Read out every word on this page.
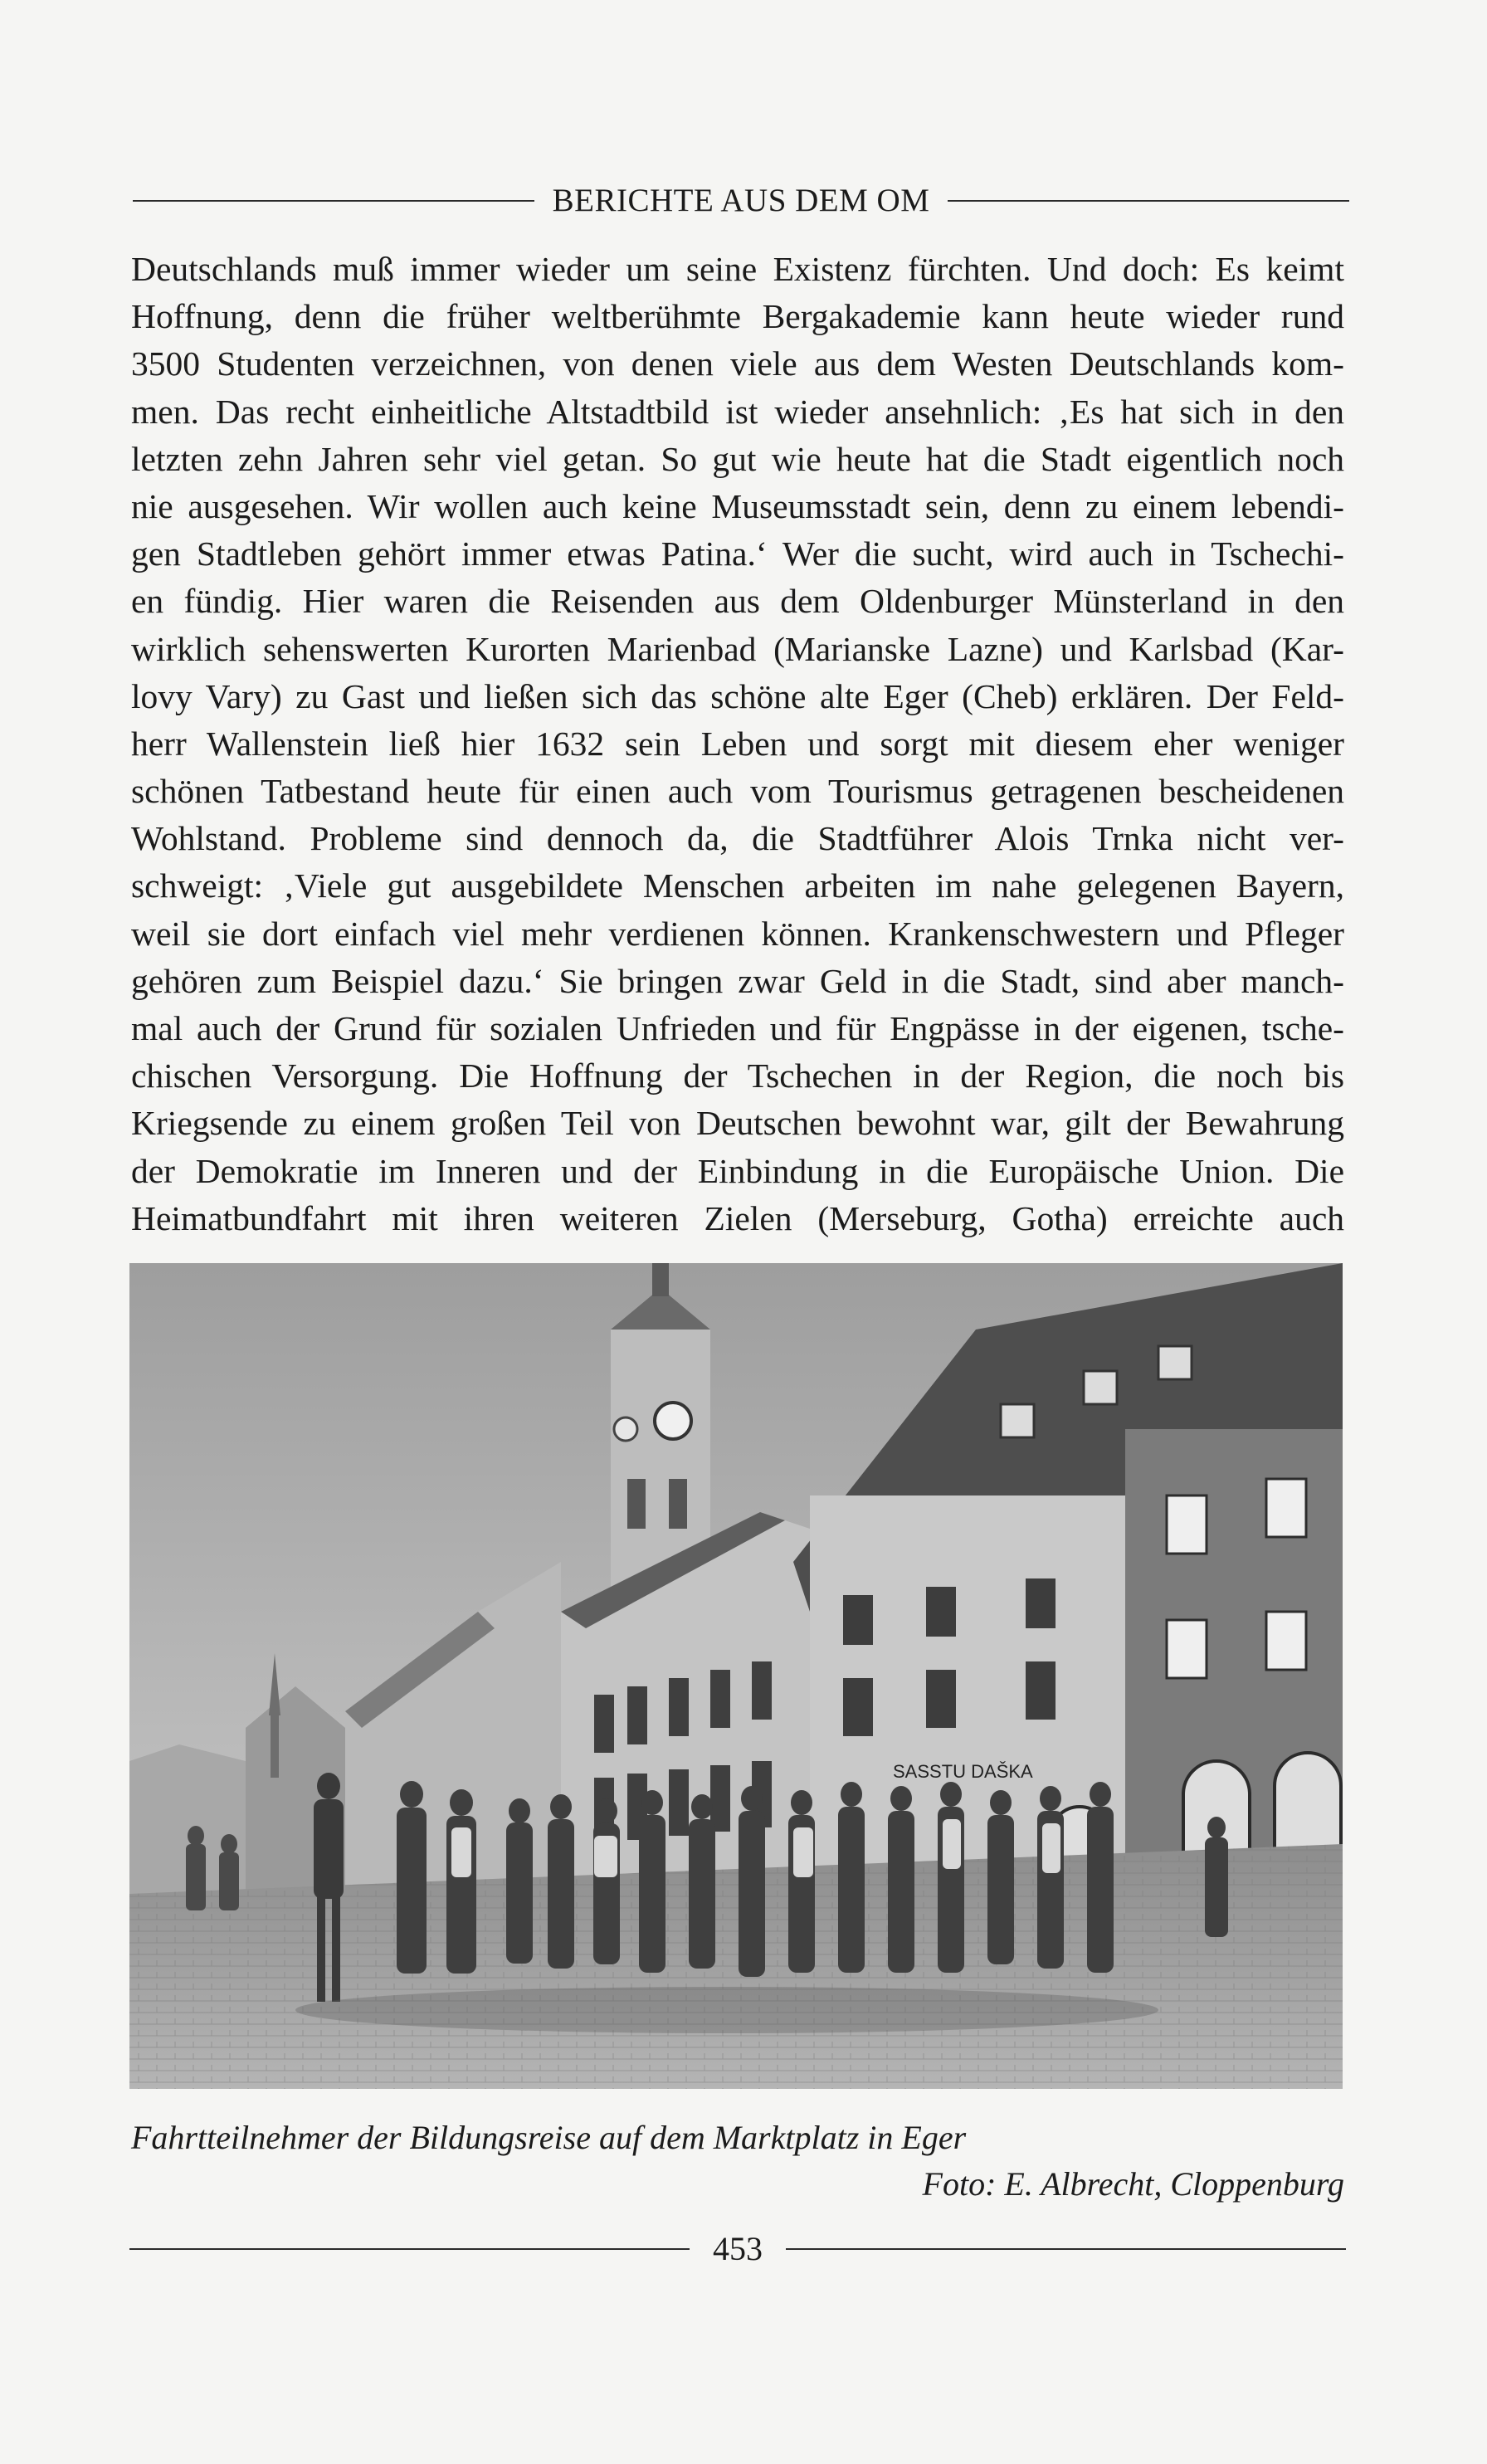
BERICHTE AUS DEM OM
Deutschlands muß immer wieder um seine Existenz fürchten. Und doch: Es keimt
Hoffnung, denn die früher weltberühmte Bergakademie kann heute wieder rund
3500 Studenten verzeichnen, von denen viele aus dem Westen Deutschlands kom-
men. Das recht einheitliche Altstadtbild ist wieder ansehnlich: ‚Es hat sich in den
letzten zehn Jahren sehr viel getan. So gut wie heute hat die Stadt eigentlich noch
nie ausgesehen. Wir wollen auch keine Museumsstadt sein, denn zu einem lebendi-
gen Stadtleben gehört immer etwas Patina.‘ Wer die sucht, wird auch in Tschechi-
en fündig. Hier waren die Reisenden aus dem Oldenburger Münsterland in den
wirklich sehenswerten Kurorten Marienbad (Marianske Lazne) und Karlsbad (Kar-
lovy Vary) zu Gast und ließen sich das schöne alte Eger (Cheb) erklären. Der Feld-
herr Wallenstein ließ hier 1632 sein Leben und sorgt mit diesem eher weniger
schönen Tatbestand heute für einen auch vom Tourismus getragenen bescheidenen
Wohlstand. Probleme sind dennoch da, die Stadtführer Alois Trnka nicht ver-
schweigt: ‚Viele gut ausgebildete Menschen arbeiten im nahe gelegenen Bayern,
weil sie dort einfach viel mehr verdienen können. Krankenschwestern und Pfleger
gehören zum Beispiel dazu.‘ Sie bringen zwar Geld in die Stadt, sind aber manch-
mal auch der Grund für sozialen Unfrieden und für Engpässe in der eigenen, tsche-
chischen Versorgung. Die Hoffnung der Tschechen in der Region, die noch bis
Kriegsende zu einem großen Teil von Deutschen bewohnt war, gilt der Bewahrung
der Demokratie im Inneren und der Einbindung in die Europäische Union. Die
Heimatbundfahrt mit ihren weiteren Zielen (Merseburg, Gotha) erreichte auch
SASSTU DAŠKA
Fahrtteilnehmer der Bildungsreise auf dem Marktplatz in Eger
Foto: E. Albrecht, Cloppenburg
453
